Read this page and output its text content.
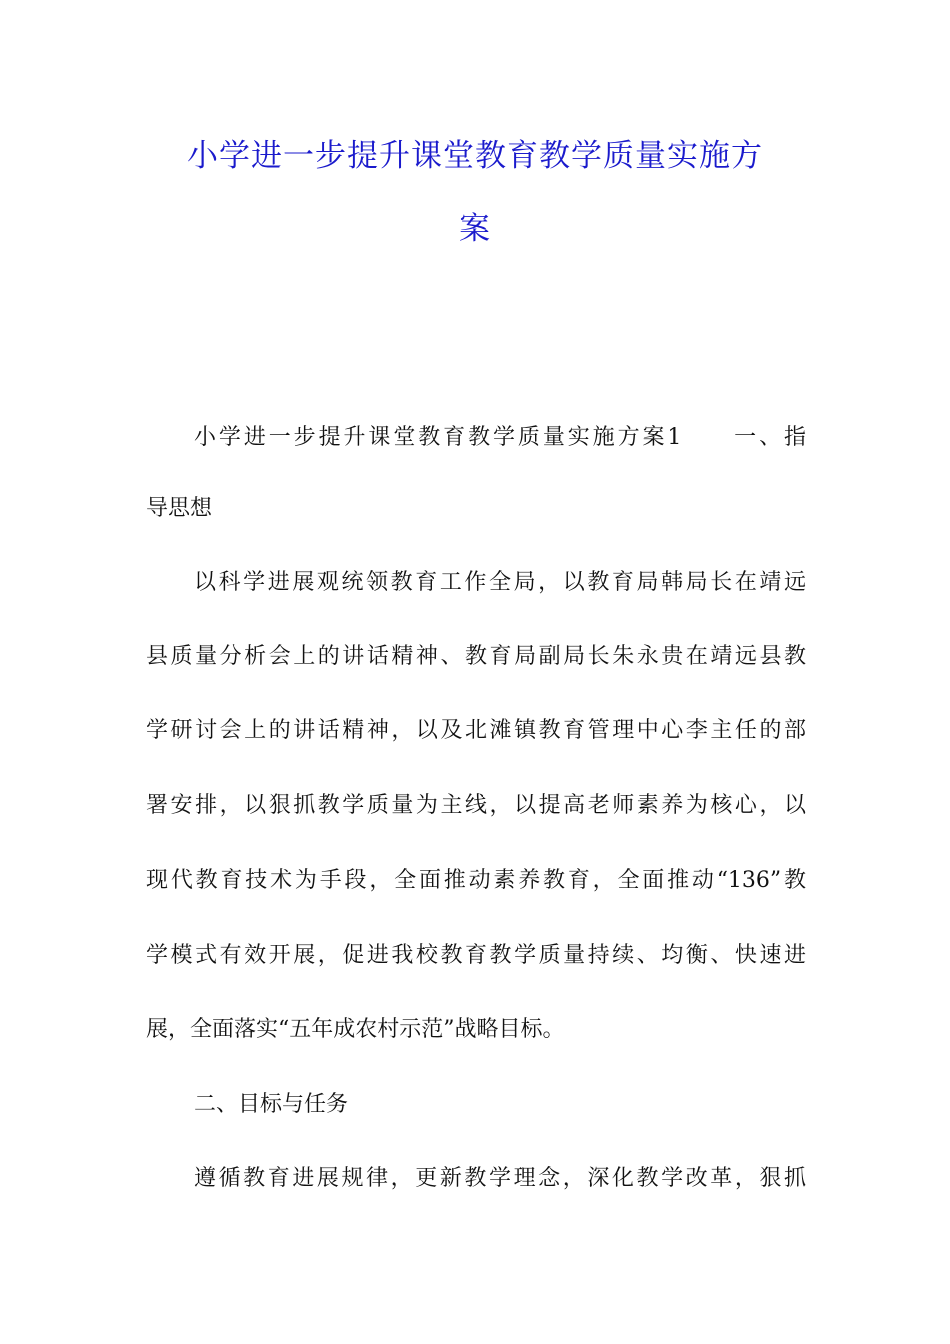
小学进一步提升课堂教育教学质量实施方
案
小学进一步提升课堂教育教学质量实施方案1　　一、指
导思想
以科学进展观统领教育工作全局，以教育局韩局长在靖远
县质量分析会上的讲话精神、教育局副局长朱永贵在靖远县教
学研讨会上的讲话精神，以及北滩镇教育管理中心李主任的部
署安排，以狠抓教学质量为主线，以提高老师素养为核心，以
现代教育技术为手段，全面推动素养教育，全面推动“136”教
学模式有效开展，促进我校教育教学质量持续、均衡、快速进
展，全面落实“五年成农村示范”战略目标。
二、目标与任务
遵循教育进展规律，更新教学理念，深化教学改革，狠抓
